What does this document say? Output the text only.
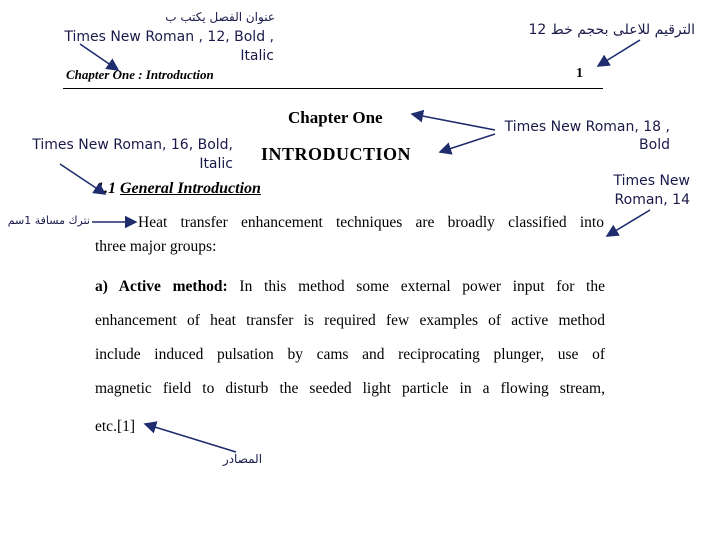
عنوان الفصل يكتب ب
Times New Roman , 12, Bold , Italic
الترقيم للاعلى بحجم خط 12
Times New Roman, 18 , Bold
Times New Roman, 14
Times New Roman, 16, Bold, Italic
نترك مسافة 1سم
المصادر
Chapter One : Introduction	1
Chapter One
INTRODUCTION
1.1 General Introduction
Heat transfer enhancement techniques are broadly classified into
three major groups:
a) Active method: In this method some external power input for the
enhancement of heat transfer is required few examples of active method
include induced pulsation by cams and reciprocating plunger, use of
magnetic field to disturb the seeded light particle in a flowing stream,
etc.[1]
